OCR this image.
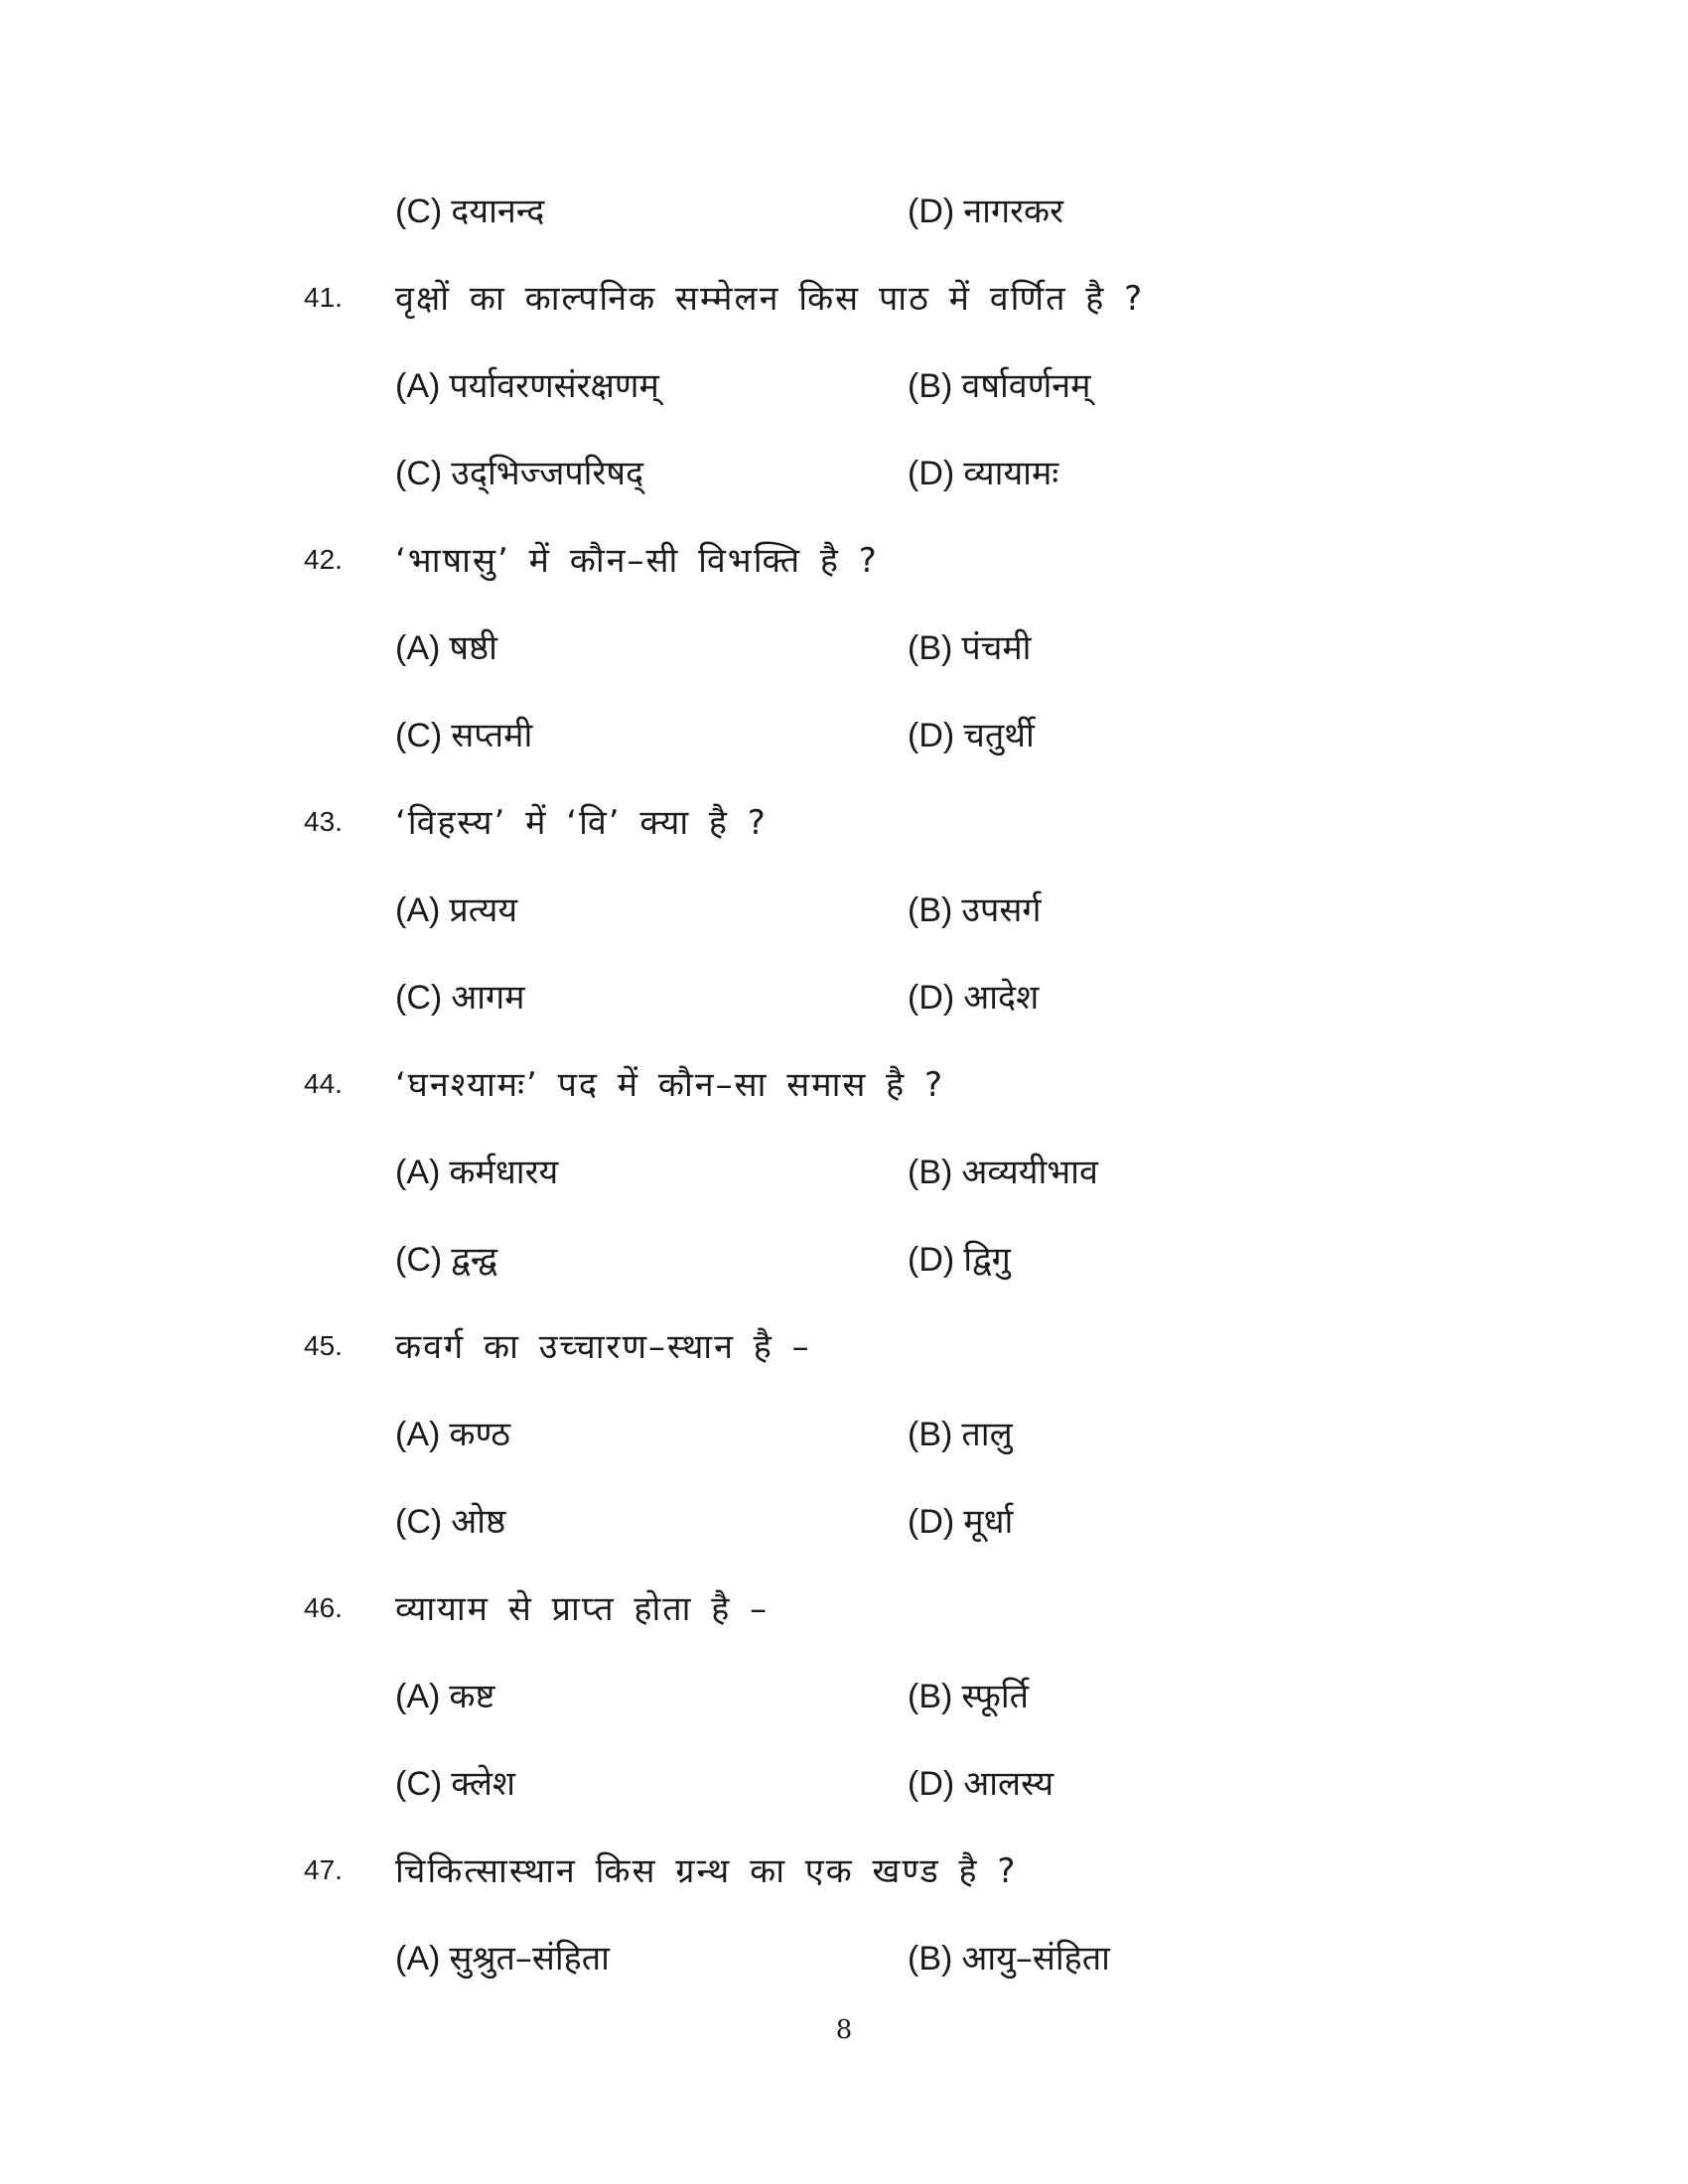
(C) दयानन्द	(D) नागरकर
41. वृक्षों का काल्पनिक सम्मेलन किस पाठ में वर्णित है ?
(A) पर्यावरणसंरक्षणम्	(B) वर्षावर्णनम्
(C) उद्‌भिज्जपरिषद्	(D) व्यायामः
42. ‘भाषासु’ में कौन–सी विभक्ति है ?
(A) षष्ठी	(B) पंचमी
(C) सप्तमी	(D) चतुर्थी
43. ‘विहस्य’ में ‘वि’ क्या है ?
(A) प्रत्यय	(B) उपसर्ग
(C) आगम	(D) आदेश
44. ‘घनश्यामः’ पद में कौन–सा समास है ?
(A) कर्मधारय	(B) अव्ययीभाव
(C) द्वन्द्व	(D) द्विगु
45. कवर्ग का उच्चारण–स्थान है –
(A) कण्ठ	(B) तालु
(C) ओष्ठ	(D) मूर्धा
46. व्यायाम से प्राप्त होता है –
(A) कष्ट	(B) स्फूर्ति
(C) क्लेश	(D) आलस्य
47. चिकित्सास्थान किस ग्रन्थ का एक खण्ड है ?
(A) सुश्रुत–संहिता	(B) आयु–संहिता
8
